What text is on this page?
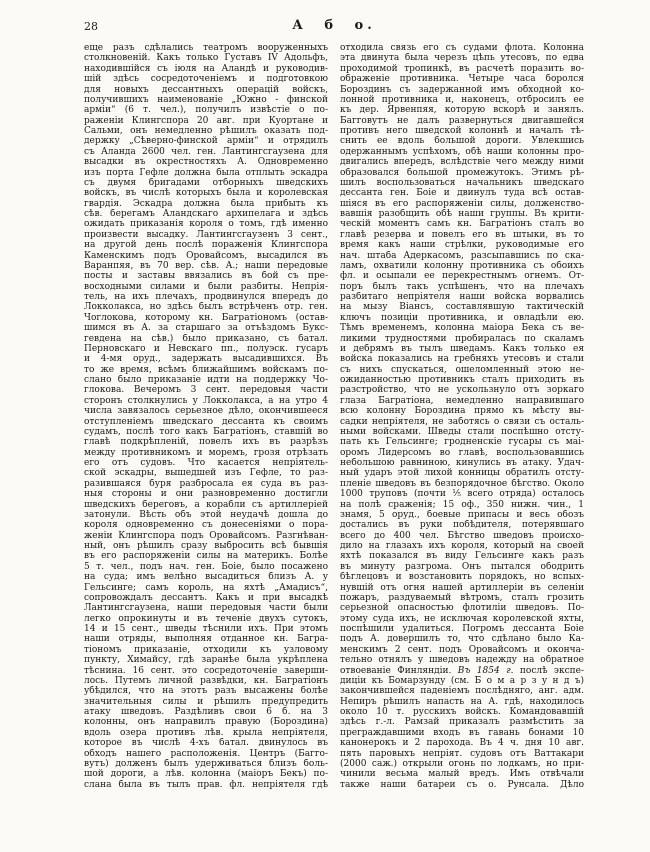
28	А б о.
еще разъ сдѣлались театромъ вооруженныхъ
столкновеній. Какъ только Густавъ IV Адольфъ,
находившійся съ іюля на Аландѣ и руководив-
шій здѣсь сосредоточеніемъ и подготовкою
для новыхъ дессантныхъ операцій войскъ,
получившихъ наименованіе „Южно - финской
арміи“ (6 т. чел.), получилъ извѣстіе о по-
раженіи Клингспора 20 авг. при Куортане и
Сальми, онъ немедленно рѣшилъ оказать под-
держку „Сѣверно-финской арміи“ и отрядилъ
съ Аланда 2600 чел. ген. Лантингсгаузена для
высадки въ окрестностяхъ А. Одновременно
изъ порта Гефле должна была отплыть эскадра
съ двумя бригадами отборныхъ шведскихъ
войскъ, въ числѣ которыхъ была и королевская
гвардія. Эскадра должна была прибыть къ
сѣв. берегамъ Аландскаго архипелага и здѣсь
ожидать приказанія короля о томъ, гдѣ именно
произвести высадку. Лантингсгаузенъ 3 сент.,
на другой день послѣ пораженія Клингспора
Каменскимъ подъ Оровайсомъ, высадился въ
Варанпяя, въ 70 вер. сѣв. А.; наши передовые
посты и заставы ввязались въ бой съ пре-
восходными силами и были разбиты. Непрія-
тель, на ихъ плечахъ, продвинулся впередъ до
Локколакса, но здѣсь былъ встрѣченъ отр. ген.
Чоглокова, которому кн. Багратіономъ (остав-
шимся въ А. за старшаго за отъѣздомъ Букс-
гевдена на сѣв.) было приказано, съ батал.
Перновскаго и Невскаго пп., полуэск. гусаръ
и 4-мя оруд., задержать высадившихся. Въ
то же время, всѣмъ ближайшимъ войскамъ по-
слано было приказаніе идти на поддержку Чо-
глокова. Вечеромъ 3 сент. передовыя части
сторонъ столкнулись у Локколакса, а на утро 4
числа завязалось серьезное дѣло, окончившееся
отступленіемъ шведскаго дессанта къ своимъ
судамъ, послѣ того какъ Багратіонъ, ставшій во
главѣ подкрѣпленій, повелъ ихъ въ разрѣзъ
между противникомъ и моремъ, грозя отрѣзать
его отъ судовъ. Что касается непріятель-
ской эскадры, вышедшей изъ Гефле, то раз-
разившаяся буря разбросала ея суда въ раз-
ныя стороны и они разновременно достигли
шведскихъ береговъ, а корабли съ артиллеріей
затонули. Вѣсть объ этой неудачѣ дошла до
короля одновременно съ донесеніями о пора-
женіи Клингспора подъ Оровайсомъ. Разгнѣван-
ный, онъ рѣшилъ сразу выбросить всѣ бывшія
въ его распоряженіи силы на материкъ. Болѣе
5 т. чел., подъ нач. ген. Боіе, было посажено
на суда; имъ велѣно высадиться близъ А. у
Гельсинге; самъ король, на яхтѣ „Амадисъ“,
сопровождалъ дессантъ. Какъ и при высадкѣ
Лантингсгаузена, наши передовыя части были
легко опрокинуты и въ теченіе двухъ сутокъ,
14 и 15 сент., шведы тѣснили ихъ. При этомъ
наши отряды, выполняя отданное кн. Багра-
тіономъ приказаніе, отходили къ узловому
пункту, Химайсу, гдѣ заранѣе была укрѣплена
тѣснина. 16 сент. это сосредоточеніе заверши-
лось. Путемъ личной развѣдки, кн. Багратіонъ
убѣдился, что на этотъ разъ высажены болѣе
значительныя силы и рѣшилъ предупредить
атаку шведовъ. Раздѣливъ свои 6 б. на 3
колонны, онъ направилъ правую (Бороздина)
вдоль озера противъ лѣв. крыла непріятеля,
которое въ числѣ 4-хъ батал. двинулось въ
обходъ нашего расположенія. Центръ (Багго-
вутъ) долженъ былъ удерживаться близъ боль-
шой дороги, а лѣв. колонна (маіоръ Бекъ) по-
слана была въ тылъ прав. фл. непріятеля гдѣ
отходила связь его съ судами флота. Колонна
эта двинута была черезъ цѣпь утесовъ, по едва
проходимой тропинкѣ, въ расчетѣ поразить во-
ображеніе противника. Четыре часа боролся
Бороздинъ съ задержанной имъ обходной ко-
лонной противника и, наконецъ, отбросилъ ее
къ дер. Ярвенпяя, которую вскорѣ и занялъ.
Багговутъ не далъ развернуться двигавшейся
противъ него шведской колоннѣ и началъ тѣ-
снить ее вдоль большой дороги. Увлекшись
одержаннымъ успѣхомъ, обѣ наши колонны про-
двигались впередъ, вслѣдствіе чего между ними
образовался большой промежутокъ. Этимъ рѣ-
шилъ воспользоваться начальникъ шведскаго
дессанта ген. Боіе и двинулъ туда всѣ остав-
шіяся въ его распоряженіи силы, долженство-
вавшія разобщить обѣ наши группы. Въ крити-
ческій моментъ самъ кн. Багратіонъ сталъ во
главѣ резерва и повелъ его въ штыки, въ то
время какъ наши стрѣлки, руководимые его
нач. штаба Адеркасомъ, разсыпавшись по ска-
ламъ, охватили колонну противника съ обоихъ
фл. и осыпали ее перекрестнымъ огнемъ. От-
поръ былъ такъ успѣшенъ, что на плечахъ
разбитаго непріятеля наши войска ворвались
на мызу Віансъ, составлявшую тактическій
ключъ позиціи противника, и овладѣли ею.
Тѣмъ временемъ, колонна маіора Бека съ ве-
ликими трудностями пробиралась по скаламъ
и дебрямъ въ тылъ шведамъ. Какъ только ея
войска показались на гребняхъ утесовъ и стали
съ нихъ спускаться, ошеломленный этою не-
ожиданностью противникъ сталъ приходить въ
разстройство, что не ускользнуло отъ зоркаго
глаза Багратіона, немедленно направившаго
всю колонну Бороздина прямо къ мѣсту вы-
садки непріятеля, не заботясь о связи съ осталь-
ными войсками. Шведы стали поспѣшно отсту-
пать къ Гельсинге; гродненскіе гусары съ маі-
оромъ Лидерсомъ во главѣ, воспользовавшись
небольшою равниною, кинулись въ атаку. Удач-
ный ударъ этой лихой конницы обратилъ отсту-
пленіе шведовъ въ безпорядочное бѣгство. Около
1000 труповъ (почти ⅕ всего отряда) осталось
на полѣ сраженія; 15 оф., 350 нижн. чин., 1
знамя, 5 оруд., боевые припасы и весь обозъ
достались въ руки побѣдителя, потерявшаго
всего до 400 чел. Бѣгство шведовъ происхо-
дило на глазахъ ихъ короля, который на своей
яхтѣ показался въ виду Гельсинге какъ разъ
въ минуту разгрома. Онъ пытался ободрить
бѣглецовъ и возстановить порядокъ, но вспых-
нувшій отъ огня нашей артиллеріи въ селеніи
пожаръ, раздуваемый вѣтромъ, сталъ грозить
серьезной опасностью флотиліи шведовъ. По-
этому суда ихъ, не исключая королевской яхты,
поспѣшили удалиться. Погромъ дессанта Боіе
подъ А. довершилъ то, что сдѣлано было Ка-
менскимъ 2 сент. подъ Оровайсомъ и оконча-
тельно отнялъ у шведовъ надежду на обратное
отвоеваніе Финляндіи. Въ 1854 г. послѣ экспе-
диціи къ Бомарзунду (см. Б о м а р з у н д ъ)
закончившейся паденіемъ послѣдняго, анг. адм.
Непиръ рѣшилъ напасть на А. гдѣ, находилось
около 10 т. русскихъ войскъ. Командовавшій
здѣсь г.-л. Рамзай приказалъ размѣстить за
преграждавшими входъ въ гавань бонами 10
канонерокъ и 2 парохода. Въ 4 ч. дня 10 авг.
пять паровыхъ непріят. судовъ отъ Ваттакари
(2000 саж.) открыли огонь по лодкамъ, но при-
чинили весьма малый вредъ. Имъ отвѣчали
также наши батареи съ о. Рунсала. Дѣло
